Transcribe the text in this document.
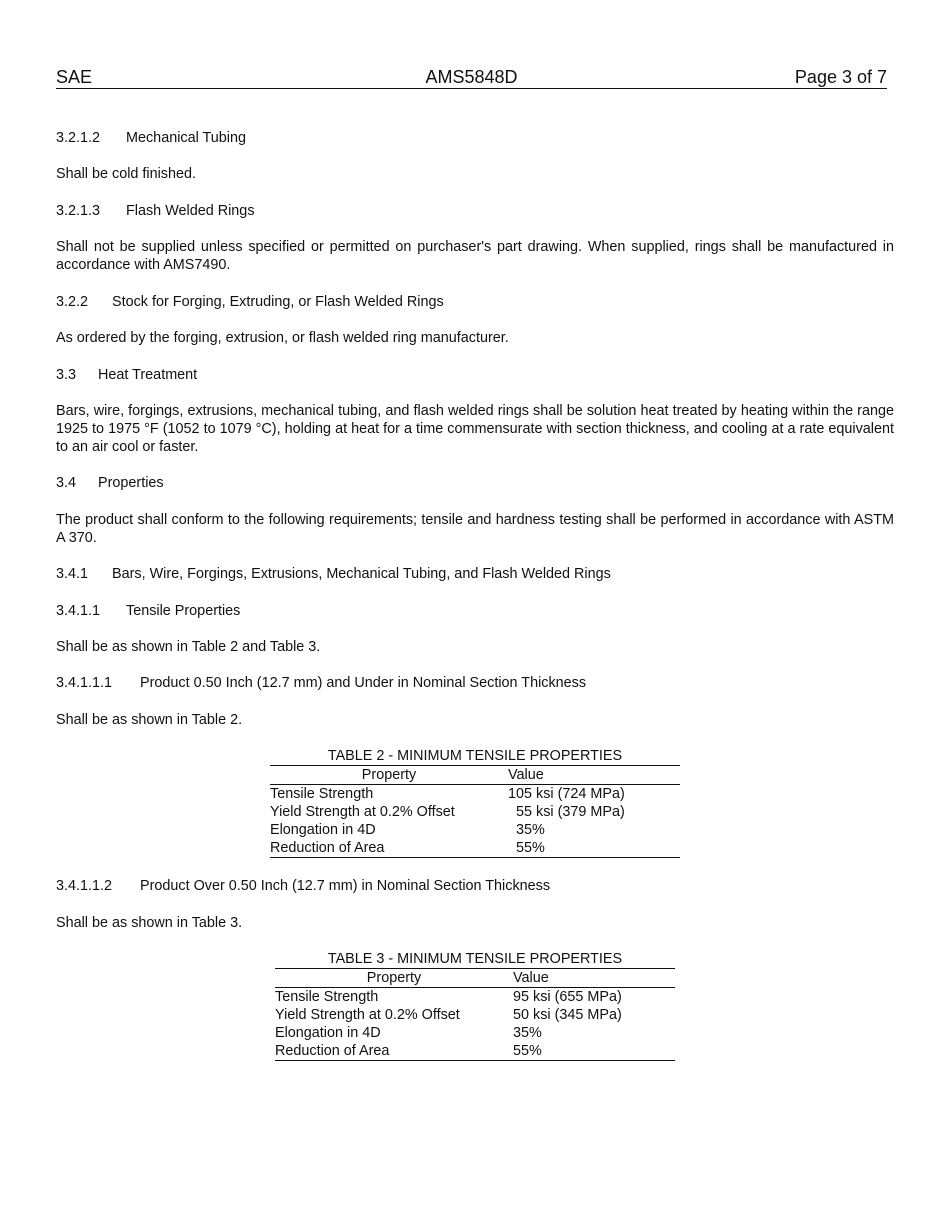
SAE	AMS5848D	Page 3 of 7
3.2.1.2 Mechanical Tubing
Shall be cold finished.
3.2.1.3 Flash Welded Rings
Shall not be supplied unless specified or permitted on purchaser's part drawing. When supplied, rings shall be manufactured in accordance with AMS7490.
3.2.2 Stock for Forging, Extruding, or Flash Welded Rings
As ordered by the forging, extrusion, or flash welded ring manufacturer.
3.3 Heat Treatment
Bars, wire, forgings, extrusions, mechanical tubing, and flash welded rings shall be solution heat treated by heating within the range 1925 to 1975 °F (1052 to 1079 °C), holding at heat for a time commensurate with section thickness, and cooling at a rate equivalent to an air cool or faster.
3.4 Properties
The product shall conform to the following requirements; tensile and hardness testing shall be performed in accordance with ASTM A 370.
3.4.1 Bars, Wire, Forgings, Extrusions, Mechanical Tubing, and Flash Welded Rings
3.4.1.1 Tensile Properties
Shall be as shown in Table 2 and Table 3.
3.4.1.1.1 Product 0.50 Inch (12.7 mm) and Under in Nominal Section Thickness
Shall be as shown in Table 2.
TABLE 2 - MINIMUM TENSILE PROPERTIES
Property	Value
Tensile Strength	105 ksi (724 MPa)
Yield Strength at 0.2% Offset	55 ksi (379 MPa)
Elongation in 4D	35%
Reduction of Area	55%
3.4.1.1.2 Product Over 0.50 Inch (12.7 mm) in Nominal Section Thickness
Shall be as shown in Table 3.
TABLE 3 - MINIMUM TENSILE PROPERTIES
Property	Value
Tensile Strength	95 ksi (655 MPa)
Yield Strength at 0.2% Offset	50 ksi (345 MPa)
Elongation in 4D	35%
Reduction of Area	55%
